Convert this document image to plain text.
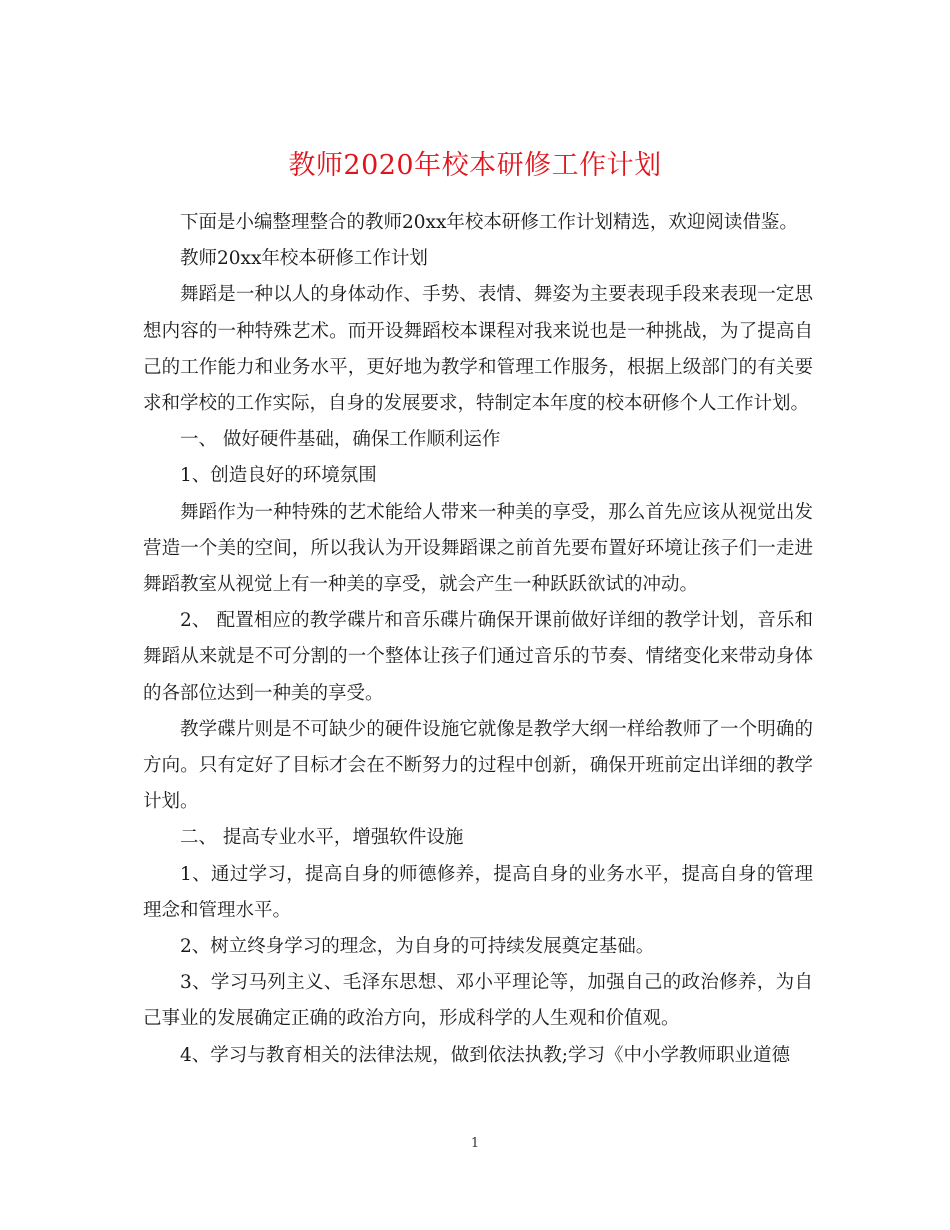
教师2020年校本研修工作计划

下面是小编整理整合的教师20xx年校本研修工作计划精选，欢迎阅读借鉴。

教师20xx年校本研修工作计划

舞蹈是一种以人的身体动作、手势、表情、舞姿为主要表现手段来表现一定思想内容的一种特殊艺术。而开设舞蹈校本课程对我来说也是一种挑战，为了提高自己的工作能力和业务水平，更好地为教学和管理工作服务，根据上级部门的有关要求和学校的工作实际，自身的发展要求，特制定本年度的校本研修个人工作计划。

一、 做好硬件基础，确保工作顺利运作

1、创造良好的环境氛围

舞蹈作为一种特殊的艺术能给人带来一种美的享受，那么首先应该从视觉出发营造一个美的空间，所以我认为开设舞蹈课之前首先要布置好环境让孩子们一走进舞蹈教室从视觉上有一种美的享受，就会产生一种跃跃欲试的冲动。

2、 配置相应的教学碟片和音乐碟片确保开课前做好详细的教学计划，音乐和舞蹈从来就是不可分割的一个整体让孩子们通过音乐的节奏、情绪变化来带动身体的各部位达到一种美的享受。

教学碟片则是不可缺少的硬件设施它就像是教学大纲一样给教师了一个明确的方向。只有定好了目标才会在不断努力的过程中创新，确保开班前定出详细的教学计划。

二、 提高专业水平，增强软件设施

1、通过学习，提高自身的师德修养，提高自身的业务水平，提高自身的管理理念和管理水平。

2、树立终身学习的理念，为自身的可持续发展奠定基础。

3、学习马列主义、毛泽东思想、邓小平理论等，加强自己的政治修养，为自己事业的发展确定正确的政治方向，形成科学的人生观和价值观。

4、学习与教育相关的法律法规，做到依法执教;学习《中小学教师职业道德

1
